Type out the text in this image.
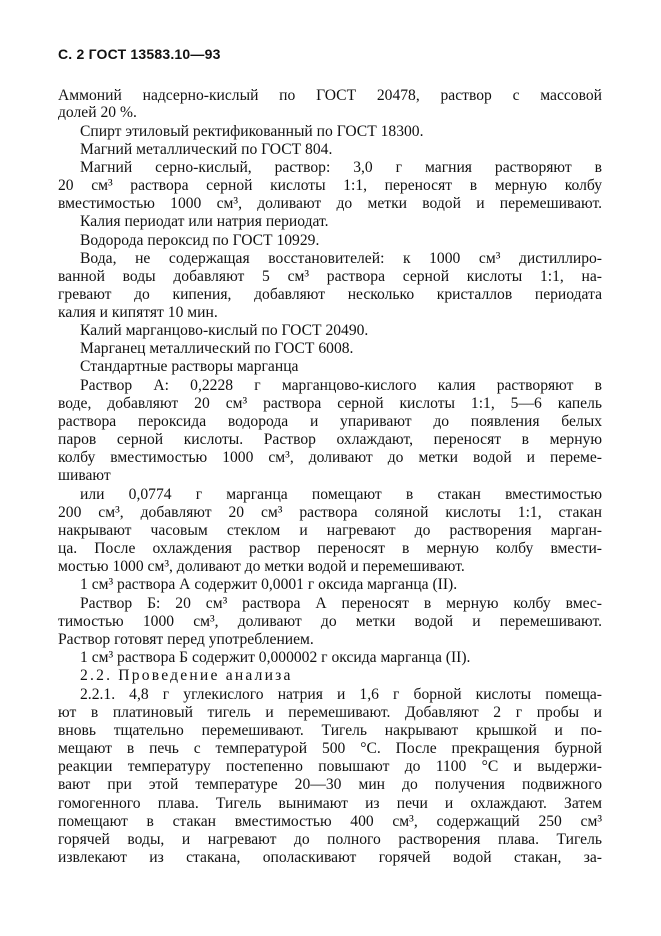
С. 2 ГОСТ 13583.10—93
Аммоний надсерно-кислый по ГОСТ 20478, раствор с массовой
долей 20 %.
Спирт этиловый ректификованный по ГОСТ 18300.
Магний металлический по ГОСТ 804.
Магний серно-кислый, раствор: 3,0 г магния растворяют в
20 см³ раствора серной кислоты 1:1, переносят в мерную колбу
вместимостью 1000 см³, доливают до метки водой и перемешивают.
Калия периодат или натрия периодат.
Водорода пероксид по ГОСТ 10929.
Вода, не содержащая восстановителей: к 1000 см³ дистиллиро-
ванной воды добавляют 5 см³ раствора серной кислоты 1:1, на-
гревают до кипения, добавляют несколько кристаллов периодата
калия и кипятят 10 мин.
Калий марганцово-кислый по ГОСТ 20490.
Марганец металлический по ГОСТ 6008.
Стандартные растворы марганца
Раствор А: 0,2228 г марганцово-кислого калия растворяют в
воде, добавляют 20 см³ раствора серной кислоты 1:1, 5—6 капель
раствора пероксида водорода и упаривают до появления белых
паров серной кислоты. Раствор охлаждают, переносят в мерную
колбу вместимостью 1000 см³, доливают до метки водой и переме-
шивают
или 0,0774 г марганца помещают в стакан вместимостью
200 см³, добавляют 20 см³ раствора соляной кислоты 1:1, стакан
накрывают часовым стеклом и нагревают до растворения марган-
ца. После охлаждения раствор переносят в мерную колбу вмести-
мостью 1000 см³, доливают до метки водой и перемешивают.
1 см³ раствора А содержит 0,0001 г оксида марганца (II).
Раствор Б: 20 см³ раствора А переносят в мерную колбу вмес-
тимостью 1000 см³, доливают до метки водой и перемешивают.
Раствор готовят перед употреблением.
1 см³ раствора Б содержит 0,000002 г оксида марганца (II).
2.2. Проведение анализа
2.2.1. 4,8 г углекислого натрия и 1,6 г борной кислоты помеща-
ют в платиновый тигель и перемешивают. Добавляют 2 г пробы и
вновь тщательно перемешивают. Тигель накрывают крышкой и по-
мещают в печь с температурой 500 °С. После прекращения бурной
реакции температуру постепенно повышают до 1100 °С и выдержи-
вают при этой температуре 20—30 мин до получения подвижного
гомогенного плава. Тигель вынимают из печи и охлаждают. Затем
помещают в стакан вместимостью 400 см³, содержащий 250 см³
горячей воды, и нагревают до полного растворения плава. Тигель
извлекают из стакана, ополаскивают горячей водой стакан, за-
